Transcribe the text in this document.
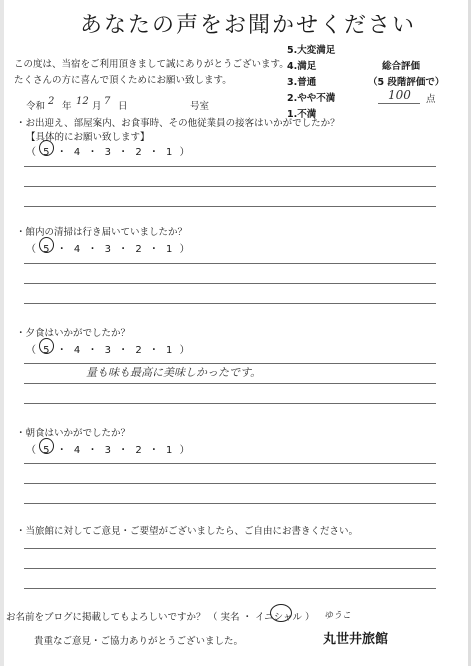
あなたの声をお聞かせください
この度は、当宿をご利用頂きまして誠にありがとうございます。
たくさんの方に喜んで頂くためにお願い致します。
5.大変満足
4.満足
3.普通
2.やや不満
1.不満
総合評価
（5 段階評価で）
100 点
令和 2 年 12 月 7 日	号室
・お出迎え、部屋案内、お食事時、その他従業員の接客はいかがでしたか？
【具体的にお願い致します】
（ 5 ・ 4 ・ 3 ・ 2 ・ 1 ）
・館内の清掃は行き届いていましたか？
（ 5 ・ 4 ・ 3 ・ 2 ・ 1 ）
・夕食はいかがでしたか？
（ 5 ・ 4 ・ 3 ・ 2 ・ 1 ）
量も味も最高に美味しかったです。
・朝食はいかがでしたか？
（ 5 ・ 4 ・ 3 ・ 2 ・ 1 ）
・当旅館に対してご意見・ご要望がございましたら、ご自由にお書きください。
お名前をブログに掲載してもよろしいですか？ （ 実名 ・ イニシャル ） ゆうこ
貴重なご意見・ご協力ありがとうございました。	丸世井旅館
